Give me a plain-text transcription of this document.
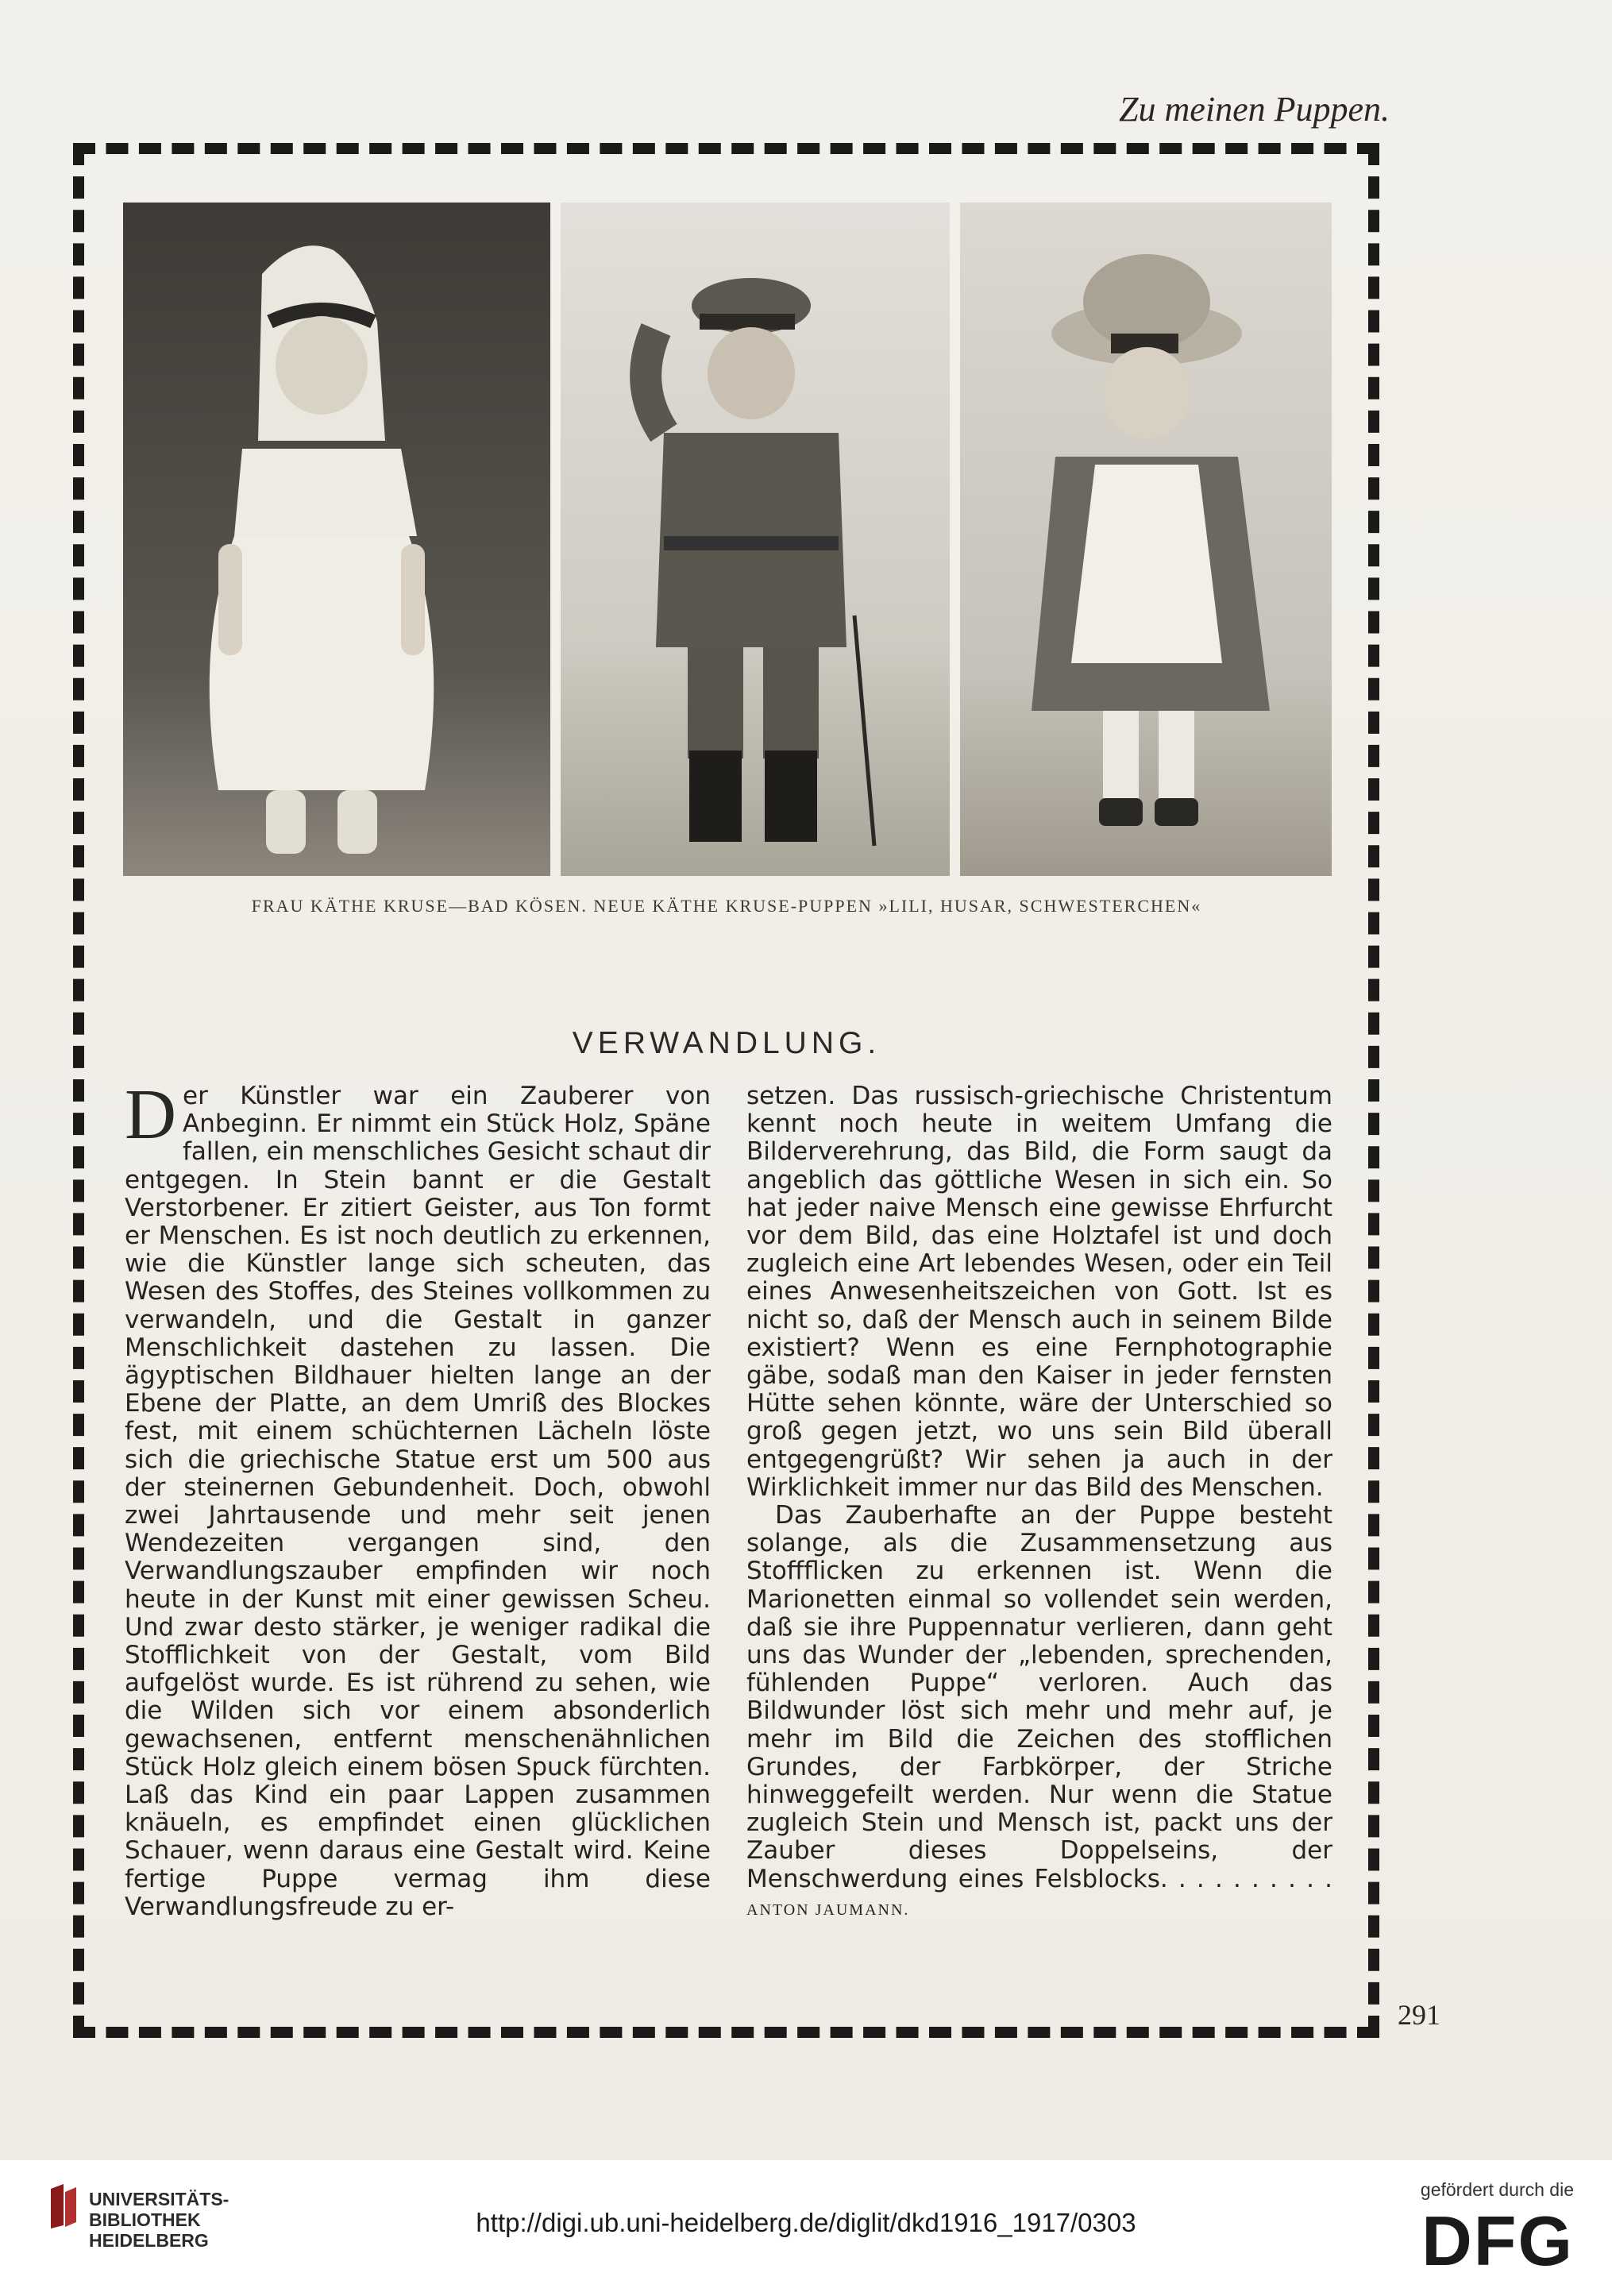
Zu meinen Puppen.
FRAU KÄTHE KRUSE—BAD KÖSEN. NEUE KÄTHE KRUSE-PUPPEN »LILI, HUSAR, SCHWESTERCHEN«
VERWANDLUNG.

Der Künstler war ein Zauberer von Anbeginn. Er nimmt ein Stück Holz, Späne fallen, ein menschliches Gesicht schaut dir entgegen. In Stein bannt er die Gestalt Verstorbener. Er zitiert Geister, aus Ton formt er Menschen. Es ist noch deutlich zu erkennen, wie die Künstler lange sich scheuten, das Wesen des Stoffes, des Steines vollkommen zu verwandeln, und die Gestalt in ganzer Menschlichkeit dastehen zu lassen. Die ägyptischen Bildhauer hielten lange an der Ebene der Platte, an dem Umriß des Blockes fest, mit einem schüchternen Lächeln löste sich die griechische Statue erst um 500 aus der steinernen Gebundenheit. Doch, obwohl zwei Jahrtausende und mehr seit jenen Wendezeiten vergangen sind, den Verwandlungszauber empfinden wir noch heute in der Kunst mit einer gewissen Scheu. Und zwar desto stärker, je weniger radikal die Stofflichkeit von der Gestalt, vom Bild aufgelöst wurde. Es ist rührend zu sehen, wie die Wilden sich vor einem absonderlich gewachsenen, entfernt menschenähnlichen Stück Holz gleich einem bösen Spuck fürchten. Laß das Kind ein paar Lappen zusammen knäueln, es empfindet einen glücklichen Schauer, wenn daraus eine Gestalt wird. Keine fertige Puppe vermag ihm diese Verwandlungsfreude zu er-

setzen. Das russisch-griechische Christentum kennt noch heute in weitem Umfang die Bilderverehrung, das Bild, die Form saugt da angeblich das göttliche Wesen in sich ein. So hat jeder naive Mensch eine gewisse Ehrfurcht vor dem Bild, das eine Holztafel ist und doch zugleich eine Art lebendes Wesen, oder ein Teil eines Anwesenheitszeichen von Gott. Ist es nicht so, daß der Mensch auch in seinem Bilde existiert? Wenn es eine Fernphotographie gäbe, sodaß man den Kaiser in jeder fernsten Hütte sehen könnte, wäre der Unterschied so groß gegen jetzt, wo uns sein Bild überall entgegengrüßt? Wir sehen ja auch in der Wirklichkeit immer nur das Bild des Menschen.

Das Zauberhafte an der Puppe besteht solange, als die Zusammensetzung aus Stoffflicken zu erkennen ist. Wenn die Marionetten einmal so vollendet sein werden, daß sie ihre Puppennatur verlieren, dann geht uns das Wunder der „lebenden, sprechenden, fühlenden Puppe“ verloren. Auch das Bildwunder löst sich mehr und mehr auf, je mehr im Bild die Zeichen des stofflichen Grundes, der Farbkörper, der Striche hinweggefeilt werden. Nur wenn die Statue zugleich Stein und Mensch ist, packt uns der Zauber dieses Doppelseins, der Menschwerdung eines Felsblocks. . . . . . . . . . ANTON JAUMANN.

291
UNIVERSITÄTS-
BIBLIOTHEK
HEIDELBERG
http://digi.ub.uni-heidelberg.de/diglit/dkd1916_1917/0303
gefördert durch die
DFG
